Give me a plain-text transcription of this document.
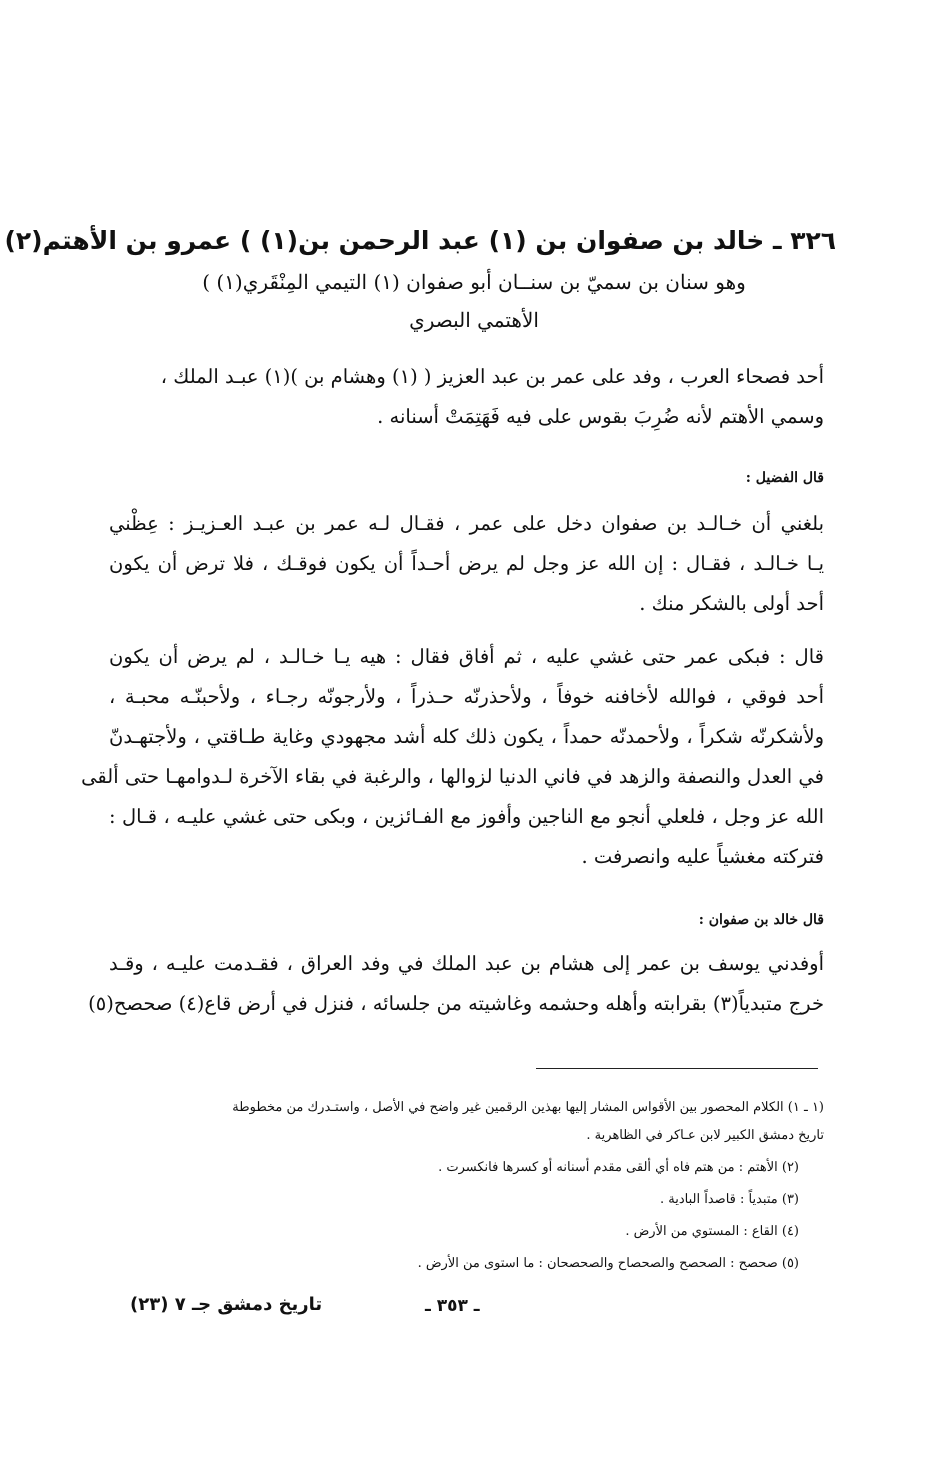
٣٢٦ ـ خالد بن صفوان بن (١) عبد الرحمن بن(١) ) عمرو بن الأهتم(٢)
وهو سنان بن سميّ بن سنــان أبو صفوان (١) التيمي المِنْقَري(١) )
الأهتمي البصري
أحد فصحاء العرب ، وفد على عمر بن عبد العزيز ( (١) وهشام بن )(١) عبـد الملك ،
وسمي الأهتم لأنه ضُرِبَ بقوس على فيه فَهَتِمَتْ أسنانه .
قال الفضيل :
بلغني أن خـالـد بن صفوان دخل على عمر ، فقـال لـه عمر بن عبـد العـزيـز : عِظْني
يـا خـالـد ، فقـال : إن الله عز وجل لم يرض أحـداً أن يكون فوقـك ، فلا ترض أن يكون
أحد أولى بالشكر منك .
قال : فبكى عمر حتى غشي عليه ، ثم أفاق فقال : هيه يـا خـالـد ، لم يرض أن يكون
أحد فوقي ، فوالله لأخافنه خوفاً ، ولأحذرنّه حـذراً ، ولأرجونّه رجـاء ، ولأحبنّـه محبـة ،
ولأشكرنّه شكراً ، ولأحمدنّه حمداً ، يكون ذلك كله أشد مجهودي وغاية طـاقتي ، ولأجتهـدنّ
في العدل والنصفة والزهد في فاني الدنيا لزوالها ، والرغبة في بقاء الآخرة لـدوامهـا حتى ألقى
الله عز وجل ، فلعلي أنجو مع الناجين وأفوز مع الفـائزين ، وبكى حتى غشي عليـه ، قـال :
فتركته مغشياً عليه وانصرفت .
قال خالد بن صفوان :
أوفدني يوسف بن عمر إلى هشام بن عبد الملك في وفد العراق ، فقـدمت عليـه ، وقـد
خرج متبدياً(٣) بقرابته وأهله وحشمه وغاشيته من جلسائه ، فنزل في أرض قاع(٤) صحصح(٥)
(١ ـ ١) الكلام المحصور بين الأقواس المشار إليها بهذين الرقمين غير واضح في الأصل ، واستـدرك من مخطوطة
تاريخ دمشق الكبير لابن عـاكر في الظاهرية .
(٢) الأهتم : من هتم فاه أي ألقى مقدم أسنانه أو كسرها فانكسرت .
(٣) متبدياً : قاصداً البادية .
(٤) القاع : المستوي من الأرض .
(٥) صحصح : الصحصح والصحصاح والصحصحان : ما استوى من الأرض .
تاريخ دمشق جـ ٧ (٢٣)	ـ ٣٥٣ ـ
